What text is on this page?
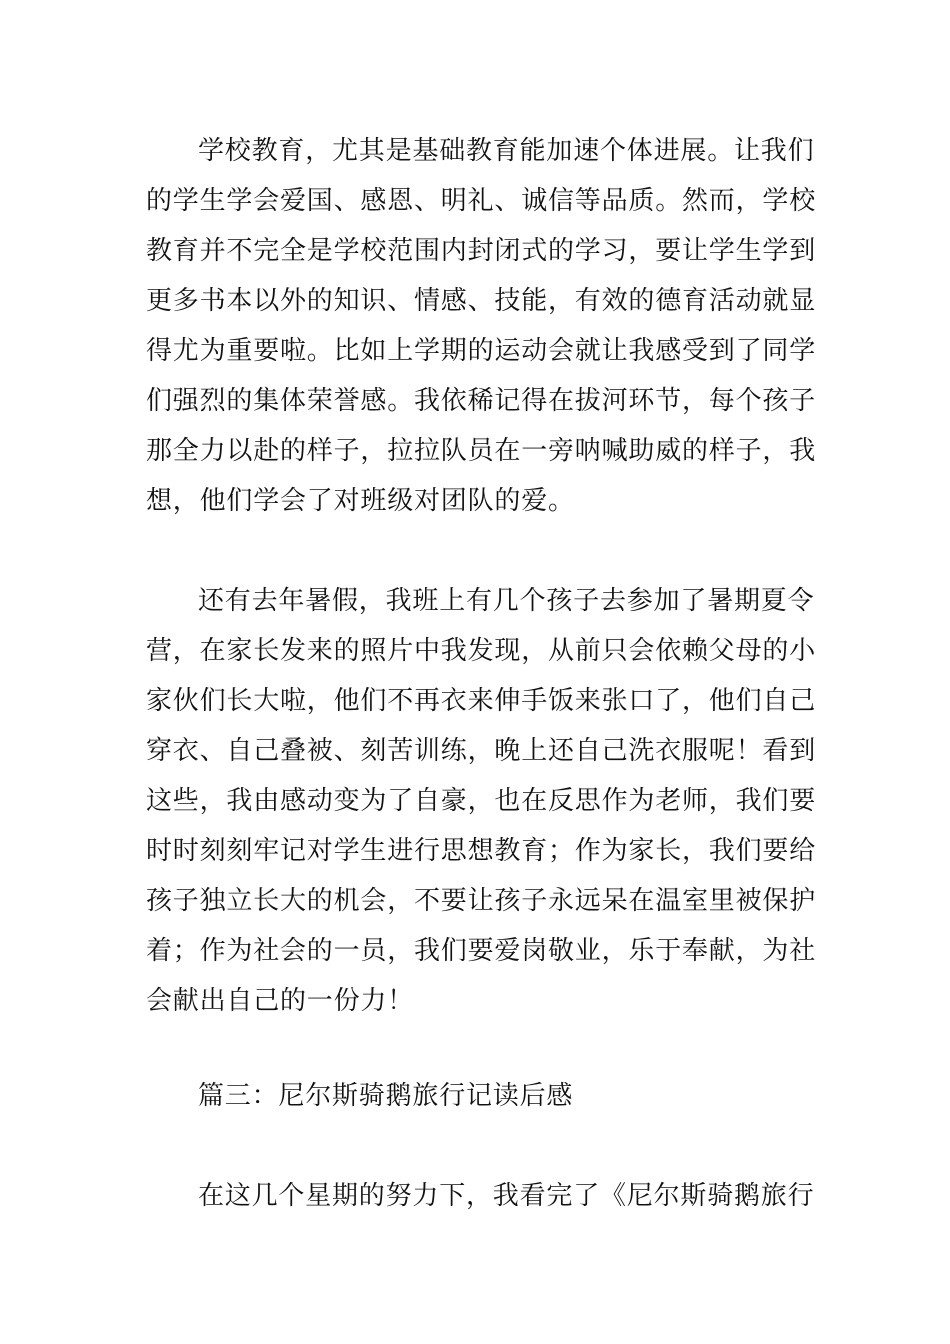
学校教育，尤其是基础教育能加速个体进展。让我们
的学生学会爱国、感恩、明礼、诚信等品质。然而，学校
教育并不完全是学校范围内封闭式的学习，要让学生学到
更多书本以外的知识、情感、技能，有效的德育活动就显
得尤为重要啦。比如上学期的运动会就让我感受到了同学
们强烈的集体荣誉感。我依稀记得在拔河环节，每个孩子
那全力以赴的样子，拉拉队员在一旁呐喊助威的样子，我
想，他们学会了对班级对团队的爱。
还有去年暑假，我班上有几个孩子去参加了暑期夏令
营，在家长发来的照片中我发现，从前只会依赖父母的小
家伙们长大啦，他们不再衣来伸手饭来张口了，他们自己
穿衣、自己叠被、刻苦训练，晚上还自己洗衣服呢！看到
这些，我由感动变为了自豪，也在反思作为老师，我们要
时时刻刻牢记对学生进行思想教育；作为家长，我们要给
孩子独立长大的机会，不要让孩子永远呆在温室里被保护
着；作为社会的一员，我们要爱岗敬业，乐于奉献，为社
会献出自己的一份力！
篇三：尼尔斯骑鹅旅行记读后感
在这几个星期的努力下，我看完了《尼尔斯骑鹅旅行
